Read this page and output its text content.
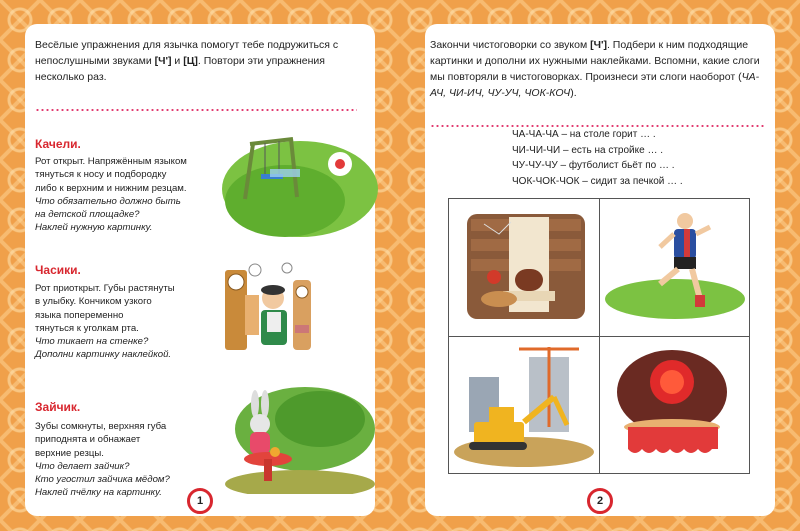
Весёлые упражнения для язычка помогут тебе подружиться с непослушными звуками [Ч'] и [Ц]. Повтори эти упражнения несколько раз.
Качели.
Рот открыт. Напряжённым языком
тянуться к носу и подбородку
либо к верхним и нижним резцам.
Что обязательно должно быть
на детской площадке?
Наклей нужную картинку.
Часики.
Рот приоткрыт. Губы растянуты
в улыбку. Кончиком узкого
языка попеременно
тянуться к уголкам рта.
Что тикает на стенке?
Дополни картинку наклейкой.
Зайчик.
Зубы сомкнуты, верхняя губа
приподнята и обнажает
верхние резцы.
Что делает зайчик?
Кто угостил зайчика мёдом?
Наклей пчёлку на картинку.
1
Закончи чистоговорки со звуком [Ч']. Подбери к ним подходящие картинки и дополни их нужными наклейками. Вспомни, какие слоги мы повторяли в чистоговорках. Произнеси эти слоги наоборот (ЧА-АЧ, ЧИ-ИЧ, ЧУ-УЧ, ЧОК-КОЧ).
ЧА-ЧА-ЧА – на столе горит … .
ЧИ-ЧИ-ЧИ – есть на стройке … .
ЧУ-ЧУ-ЧУ – футболист бьёт по … .
ЧОК-ЧОК-ЧОК – сидит за печкой … .
2
